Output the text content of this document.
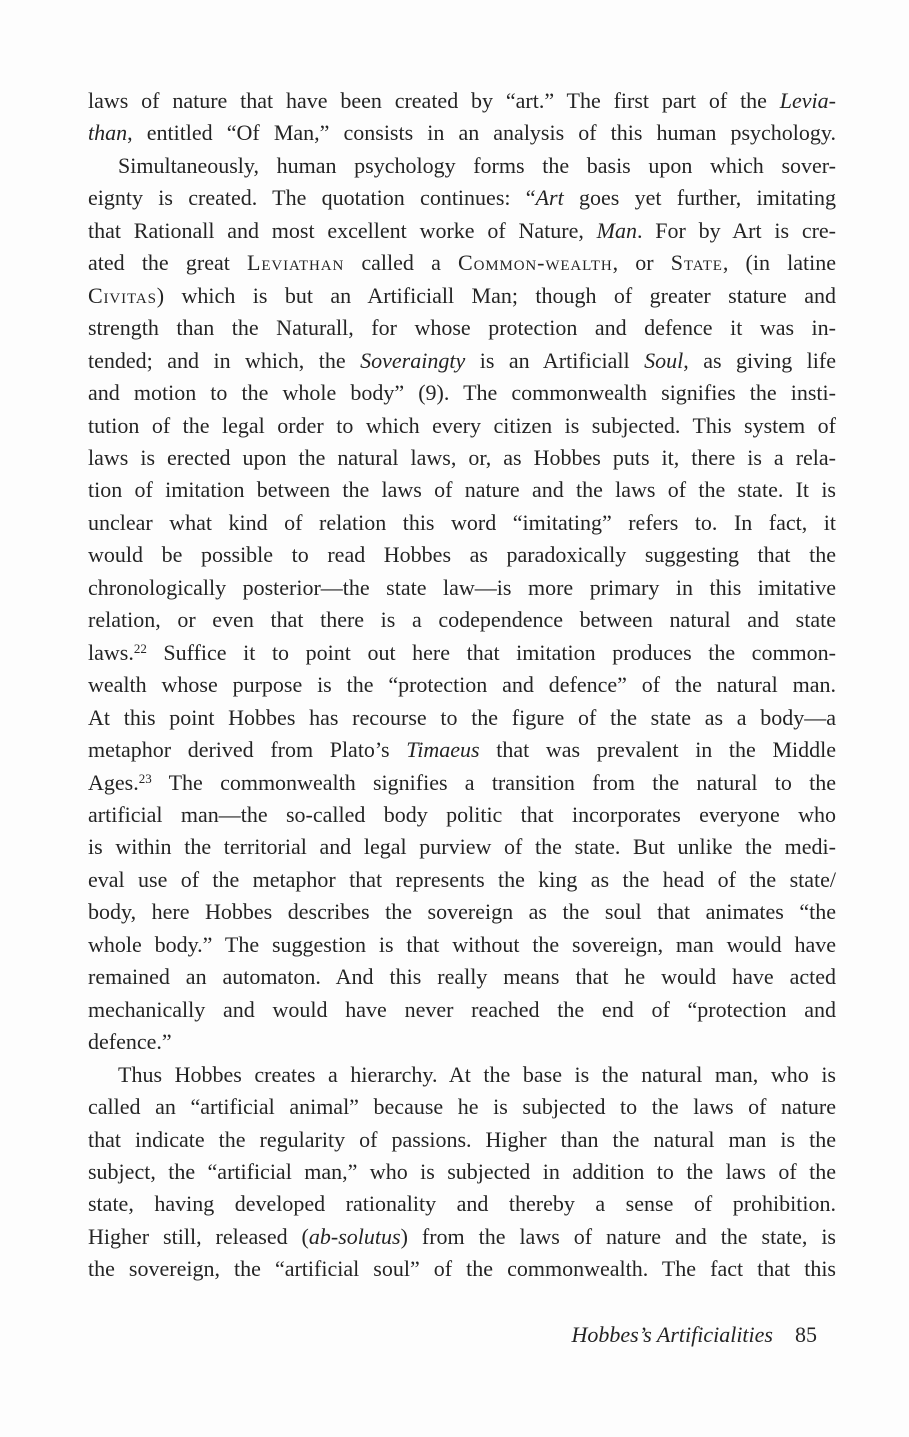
laws of nature that have been created by “art.” The first part of the Levia-
than, entitled “Of Man,” consists in an analysis of this human psychology.
Simultaneously, human psychology forms the basis upon which sover-
eignty is created. The quotation continues: “Art goes yet further, imitating
that Rationall and most excellent worke of Nature, Man. For by Art is cre-
ated the great Leviathan called a Common-wealth, or State, (in latine
Civitas) which is but an Artificiall Man; though of greater stature and
strength than the Naturall, for whose protection and defence it was in-
tended; and in which, the Soveraingty is an Artificiall Soul, as giving life
and motion to the whole body” (9). The commonwealth signifies the insti-
tution of the legal order to which every citizen is subjected. This system of
laws is erected upon the natural laws, or, as Hobbes puts it, there is a rela-
tion of imitation between the laws of nature and the laws of the state. It is
unclear what kind of relation this word “imitating” refers to. In fact, it
would be possible to read Hobbes as paradoxically suggesting that the
chronologically posterior—the state law—is more primary in this imitative
relation, or even that there is a codependence between natural and state
laws.$^{22}$ Suffice it to point out here that imitation produces the common-
wealth whose purpose is the “protection and defence” of the natural man.
At this point Hobbes has recourse to the figure of the state as a body—a
metaphor derived from Plato’s Timaeus that was prevalent in the Middle
Ages.$^{23}$ The commonwealth signifies a transition from the natural to the
artificial man—the so-called body politic that incorporates everyone who
is within the territorial and legal purview of the state. But unlike the medi-
eval use of the metaphor that represents the king as the head of the state/
body, here Hobbes describes the sovereign as the soul that animates “the
whole body.” The suggestion is that without the sovereign, man would have
remained an automaton. And this really means that he would have acted
mechanically and would have never reached the end of “protection and
defence.”
Thus Hobbes creates a hierarchy. At the base is the natural man, who is
called an “artificial animal” because he is subjected to the laws of nature
that indicate the regularity of passions. Higher than the natural man is the
subject, the “artificial man,” who is subjected in addition to the laws of the
state, having developed rationality and thereby a sense of prohibition.
Higher still, released (ab-solutus) from the laws of nature and the state, is
the sovereign, the “artificial soul” of the commonwealth. The fact that this
Hobbes’s Artificialities 85
